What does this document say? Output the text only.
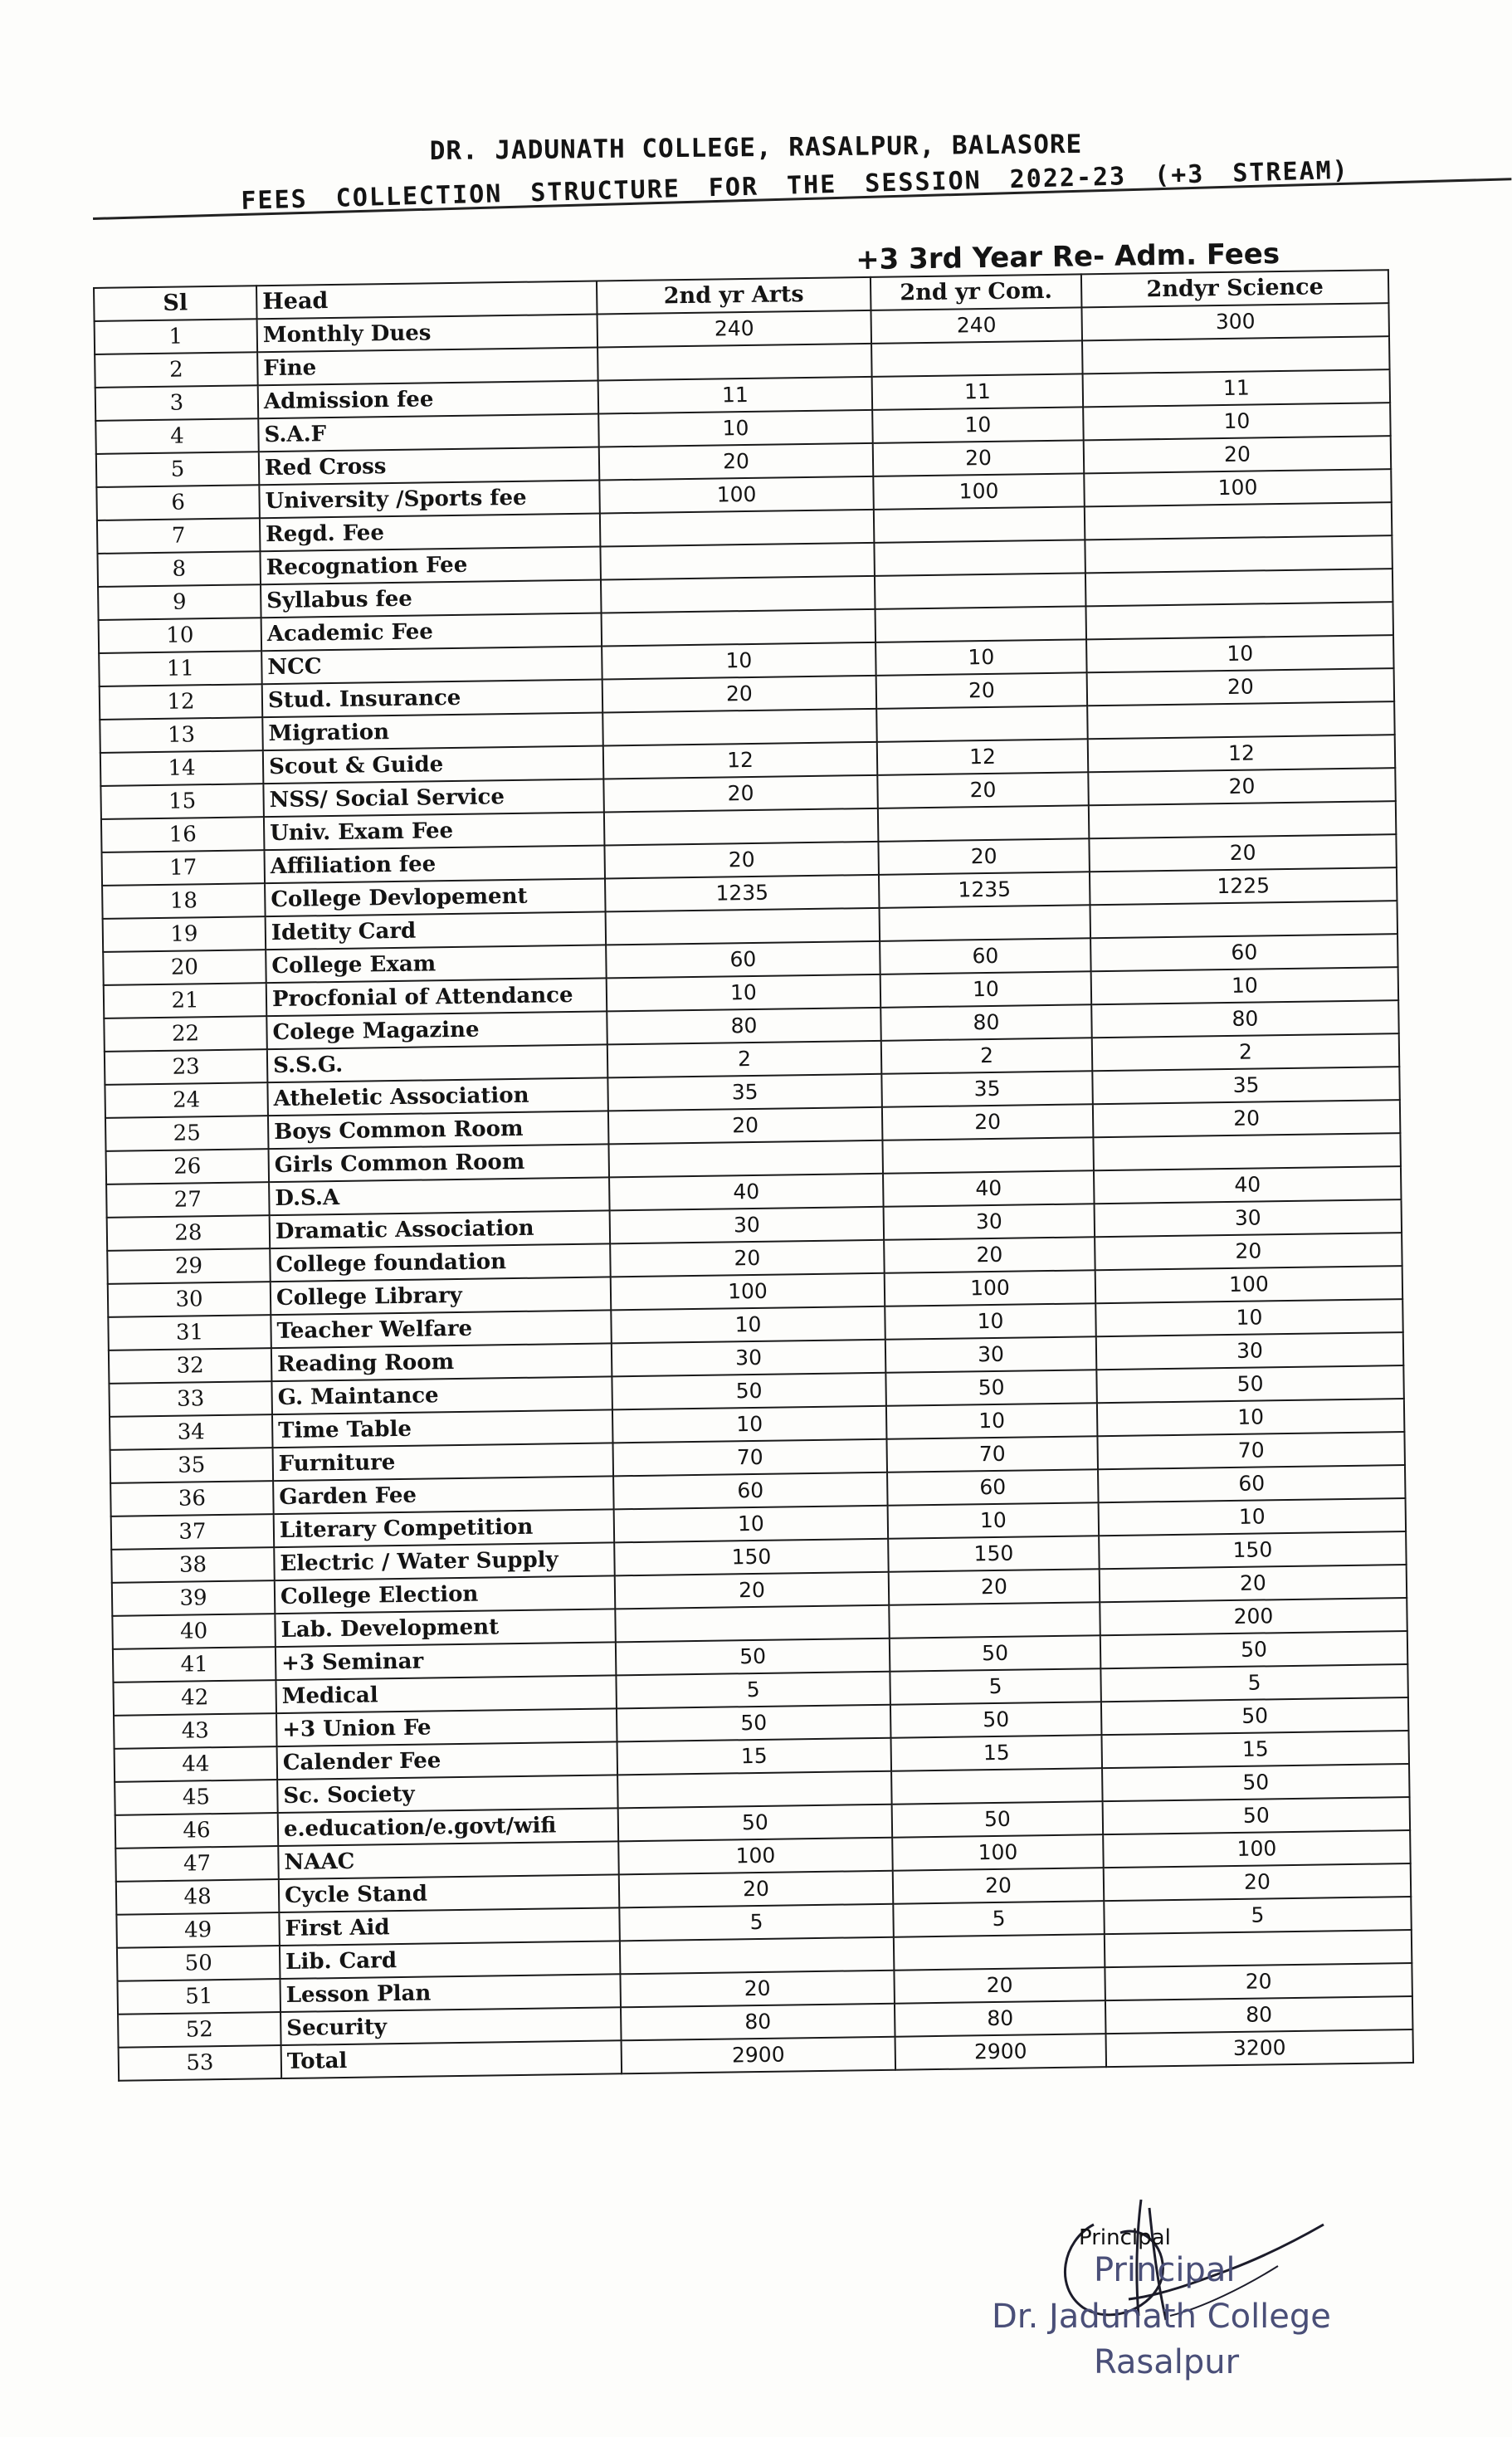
DR. JADUNATH COLLEGE, RASALPUR, BALASORE
FEES COLLECTION STRUCTURE FOR THE SESSION 2022-23 (+3 STREAM)
+3 3rd Year Re- Adm. Fees
Sl	Head	2nd yr Arts	2nd yr Com.	2ndyr Science
1	Monthly Dues	240	240	300
2	Fine			
3	Admission fee	11	11	11
4	S.A.F	10	10	10
5	Red Cross	20	20	20
6	University /Sports fee	100	100	100
7	Regd. Fee			
8	Recognation Fee			
9	Syllabus fee			
10	Academic Fee			
11	NCC	10	10	10
12	Stud. Insurance	20	20	20
13	Migration			
14	Scout & Guide	12	12	12
15	NSS/ Social Service	20	20	20
16	Univ. Exam Fee			
17	Affiliation fee	20	20	20
18	College Devlopement	1235	1235	1225
19	Idetity Card			
20	College Exam	60	60	60
21	Procfonial of Attendance	10	10	10
22	Colege Magazine	80	80	80
23	S.S.G.	2	2	2
24	Atheletic Association	35	35	35
25	Boys Common Room	20	20	20
26	Girls Common Room			
27	D.S.A	40	40	40
28	Dramatic Association	30	30	30
29	College foundation	20	20	20
30	College Library	100	100	100
31	Teacher Welfare	10	10	10
32	Reading Room	30	30	30
33	G. Maintance	50	50	50
34	Time Table	10	10	10
35	Furniture	70	70	70
36	Garden Fee	60	60	60
37	Literary Competition	10	10	10
38	Electric / Water Supply	150	150	150
39	College Election	20	20	20
40	Lab. Development			200
41	+3 Seminar	50	50	50
42	Medical	5	5	5
43	+3 Union Fe	50	50	50
44	Calender Fee	15	15	15
45	Sc. Society			50
46	e.education/e.govt/wifi	50	50	50
47	NAAC	100	100	100
48	Cycle Stand	20	20	20
49	First Aid	5	5	5
50	Lib. Card			
51	Lesson Plan	20	20	20
52	Security	80	80	80
53	Total	2900	2900	3200
Principal
Principal
Dr. Jadunath College
Rasalpur
